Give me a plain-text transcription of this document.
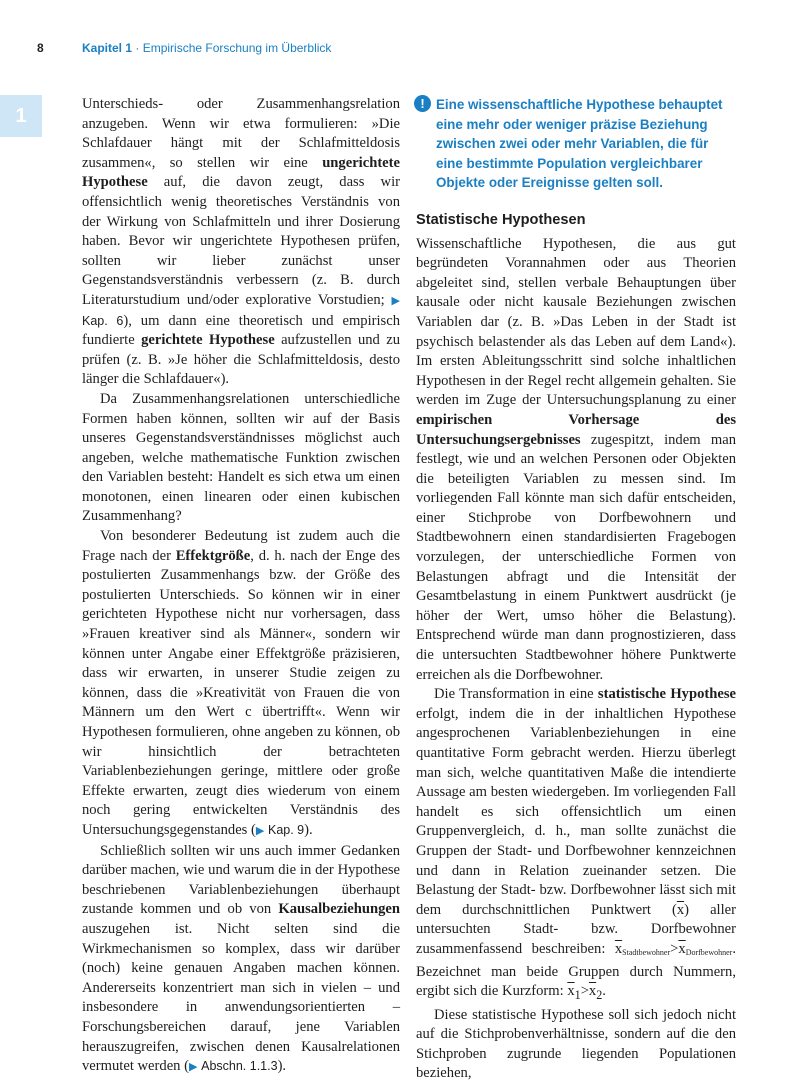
8	Kapitel 1 · Empirische Forschung im Überblick
1

Unterschieds- oder Zusammenhangsrelation anzugeben. Wenn wir etwa formulieren: »Die Schlafdauer hängt mit der Schlafmitteldosis zusammen«, so stellen wir eine ungerichtete Hypothese auf, die davon zeugt, dass wir offensichtlich wenig theoretisches Verständnis von der Wirkung von Schlafmitteln und ihrer Dosierung haben. Bevor wir ungerichtete Hypothesen prüfen, sollten wir lieber zunächst unser Gegenstandsverständnis verbessern (z. B. durch Literaturstudium und/oder explorative Vorstudien; ▶ Kap. 6), um dann eine theoretisch und empirisch fundierte gerichtete Hypothese aufzustellen und zu prüfen (z. B. »Je höher die Schlafmitteldosis, desto länger die Schlafdauer«).

Da Zusammenhangsrelationen unterschiedliche Formen haben können, sollten wir auf der Basis unseres Gegenstandsverständnisses möglichst auch angeben, welche mathematische Funktion zwischen den Variablen besteht: Handelt es sich etwa um einen monotonen, einen linearen oder einen kubischen Zusammenhang?

Von besonderer Bedeutung ist zudem auch die Frage nach der Effektgröße, d. h. nach der Enge des postulierten Zusammenhangs bzw. der Größe des postulierten Unterschieds. So können wir in einer gerichteten Hypothese nicht nur vorhersagen, dass »Frauen kreativer sind als Männer«, sondern wir können unter Angabe einer Effektgröße präzisieren, dass wir erwarten, in unserer Studie zeigen zu können, dass die »Kreativität von Frauen die von Männern um den Wert c übertrifft«. Wenn wir Hypothesen formulieren, ohne angeben zu können, ob wir hinsichtlich der betrachteten Variablenbeziehungen geringe, mittlere oder große Effekte erwarten, zeugt dies wiederum von einem noch gering entwickelten Verständnis des Untersuchungsgegenstandes (▶ Kap. 9).

Schließlich sollten wir uns auch immer Gedanken darüber machen, wie und warum die in der Hypothese beschriebenen Variablenbeziehungen überhaupt zustande kommen und ob von Kausalbeziehungen auszugehen ist. Nicht selten sind die Wirkmechanismen so komplex, dass wir darüber (noch) keine genauen Angaben machen können. Andererseits konzentriert man sich in vielen – und insbesondere in anwendungsorientierten – Forschungsbereichen darauf, jene Variablen herauszugreifen, zwischen denen Kausalrelationen vermutet werden (▶ Abschn. 1.1.3).

! Eine wissenschaftliche Hypothese behauptet eine mehr oder weniger präzise Beziehung zwischen zwei oder mehr Variablen, die für eine bestimmte Population vergleichbarer Objekte oder Ereignisse gelten soll.
Statistische Hypothesen

Wissenschaftliche Hypothesen, die aus gut begründeten Vorannahmen oder aus Theorien abgeleitet sind, stellen verbale Behauptungen über kausale oder nicht kausale Beziehungen zwischen Variablen dar (z. B. »Das Leben in der Stadt ist psychisch belastender als das Leben auf dem Land«). Im ersten Ableitungsschritt sind solche inhaltlichen Hypothesen in der Regel recht allgemein gehalten. Sie werden im Zuge der Untersuchungsplanung zu einer empirischen Vorhersage des Untersuchungsergebnisses zugespitzt, indem man festlegt, wie und an welchen Personen oder Objekten die beteiligten Variablen zu messen sind. Im vorliegenden Fall könnte man sich dafür entscheiden, einer Stichprobe von Dorfbewohnern und Stadtbewohnern einen standardisierten Fragebogen vorzulegen, der unterschiedliche Formen von Belastungen abfragt und die Intensität der Gesamtbelastung in einem Punktwert ausdrückt (je höher der Wert, umso höher die Belastung). Entsprechend würde man dann prognostizieren, dass die untersuchten Stadtbewohner höhere Punktwerte erreichen als die Dorfbewohner.

Die Transformation in eine statistische Hypothese erfolgt, indem die in der inhaltlichen Hypothese angesprochenen Variablenbeziehungen in eine quantitative Form gebracht werden. Hierzu überlegt man sich, welche quantitativen Maße die intendierte Aussage am besten wiedergeben. Im vorliegenden Fall handelt es sich offensichtlich um einen Gruppenvergleich, d. h., man sollte zunächst die Gruppen der Stadt- und Dorfbewohner kennzeichnen und dann in Relation zueinander setzen. Die Belastung der Stadt- bzw. Dorfbewohner lässt sich mit dem durchschnittlichen Punktwert $(\overline{x})$ aller untersuchten Stadt- bzw. Dorfbewohner zusammenfassend beschreiben: $\overline{x}Stadtbewohner>\overline{x}Dorfbewohner$. Bezeichnet man beide Gruppen durch Nummern, ergibt sich die Kurzform: $\overline{x}_1>\overline{x}_2$.

Diese statistische Hypothese soll sich jedoch nicht auf die Stichprobenverhältnisse, sondern auf die den Stichproben zugrunde liegenden Populationen beziehen,
